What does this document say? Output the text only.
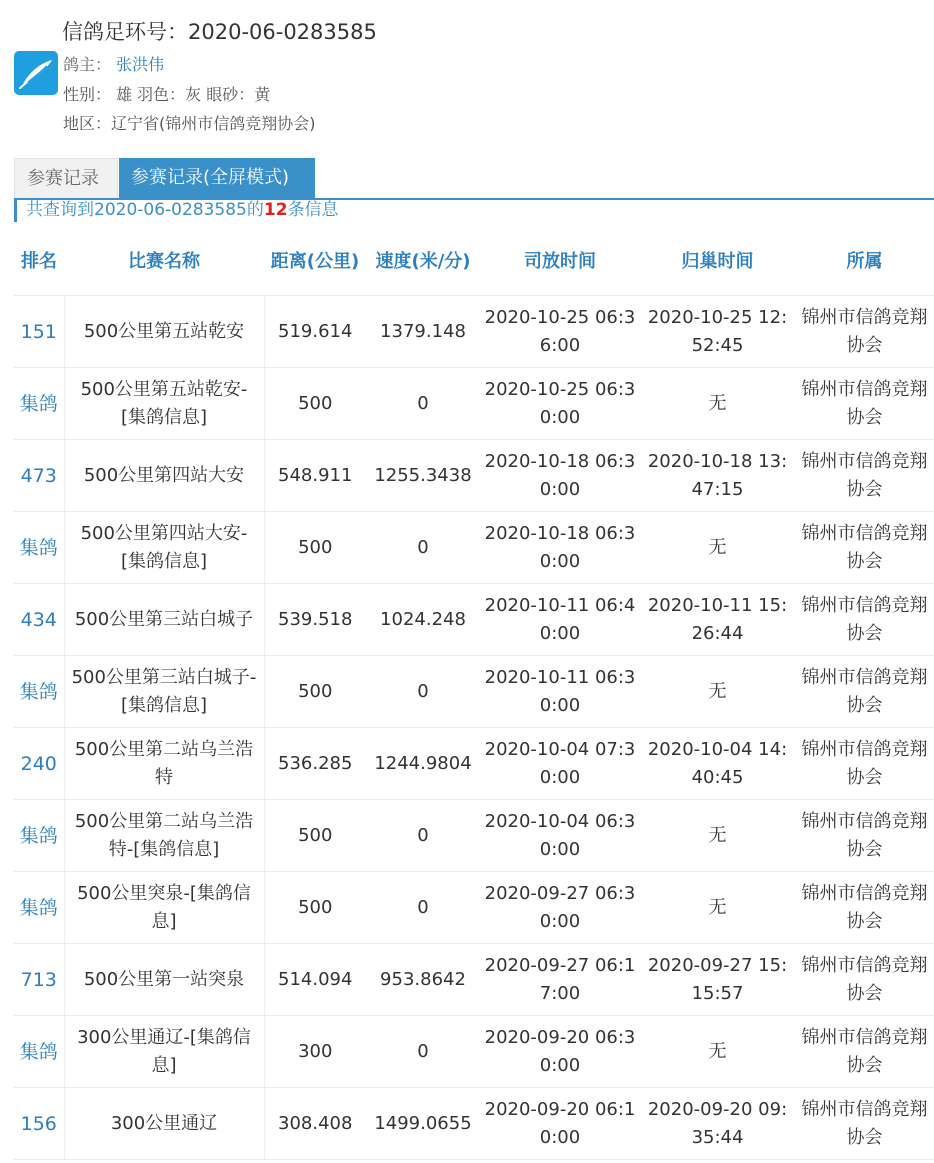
信鸽足环号：2020-06-0283585
鸽主： 张洪伟
性别： 雄 羽色：灰 眼砂：黄
地区：辽宁省(锦州市信鸽竞翔协会)
参赛记录	参赛记录(全屏模式)
共查询到2020-06-0283585的12条信息
排名	比赛名称	距离(公里)	速度(米/分)	司放时间	归巢时间	所属
151	500公里第五站乾安	519.614	1379.148	2020-10-25 06:36:00	2020-10-25 12:52:45	锦州市信鸽竞翔协会
集鸽	500公里第五站乾安-[集鸽信息]	500	0	2020-10-25 06:30:00	无	锦州市信鸽竞翔协会
473	500公里第四站大安	548.911	1255.3438	2020-10-18 06:30:00	2020-10-18 13:47:15	锦州市信鸽竞翔协会
集鸽	500公里第四站大安-[集鸽信息]	500	0	2020-10-18 06:30:00	无	锦州市信鸽竞翔协会
434	500公里第三站白城子	539.518	1024.248	2020-10-11 06:40:00	2020-10-11 15:26:44	锦州市信鸽竞翔协会
集鸽	500公里第三站白城子-[集鸽信息]	500	0	2020-10-11 06:30:00	无	锦州市信鸽竞翔协会
240	500公里第二站乌兰浩特	536.285	1244.9804	2020-10-04 07:30:00	2020-10-04 14:40:45	锦州市信鸽竞翔协会
集鸽	500公里第二站乌兰浩特-[集鸽信息]	500	0	2020-10-04 06:30:00	无	锦州市信鸽竞翔协会
集鸽	500公里突泉-[集鸽信息]	500	0	2020-09-27 06:30:00	无	锦州市信鸽竞翔协会
713	500公里第一站突泉	514.094	953.8642	2020-09-27 06:17:00	2020-09-27 15:15:57	锦州市信鸽竞翔协会
集鸽	300公里通辽-[集鸽信息]	300	0	2020-09-20 06:30:00	无	锦州市信鸽竞翔协会
156	300公里通辽	308.408	1499.0655	2020-09-20 06:10:00	2020-09-20 09:35:44	锦州市信鸽竞翔协会
